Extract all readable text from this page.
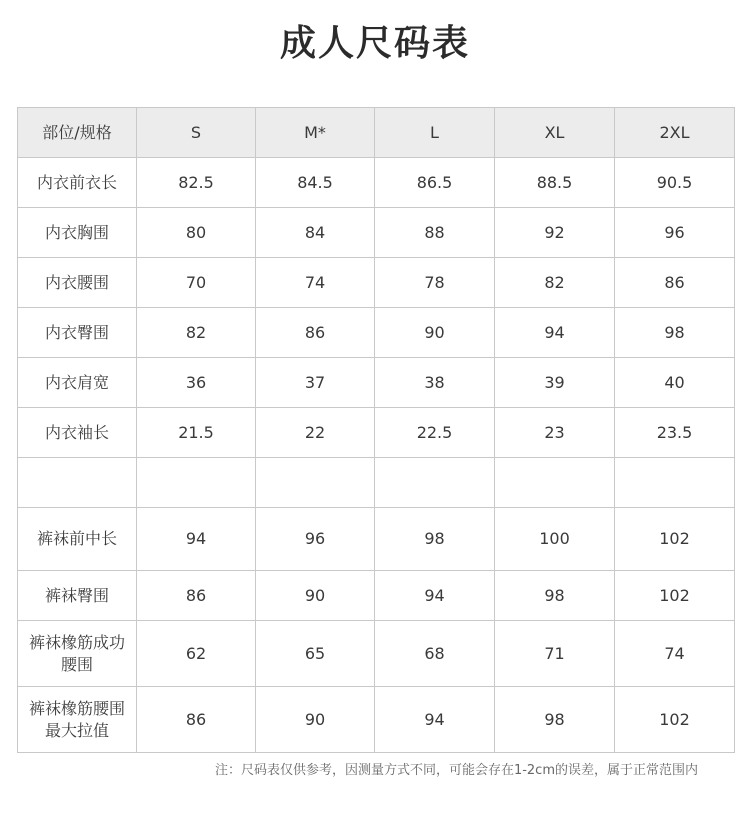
成人尺码表
部位/规格	S	M*	L	XL	2XL
内衣前衣长	82.5	84.5	86.5	88.5	90.5
内衣胸围	80	84	88	92	96
内衣腰围	70	74	78	82	86
内衣臀围	82	86	90	94	98
内衣肩宽	36	37	38	39	40
内衣袖长	21.5	22	22.5	23	23.5

裤袜前中长	94	96	98	100	102
裤袜臀围	86	90	94	98	102
裤袜橡筋成功腰围	62	65	68	71	74
裤袜橡筋腰围最大拉值	86	90	94	98	102
注：尺码表仅供参考，因测量方式不同，可能会存在1-2cm的误差，属于正常范围内
